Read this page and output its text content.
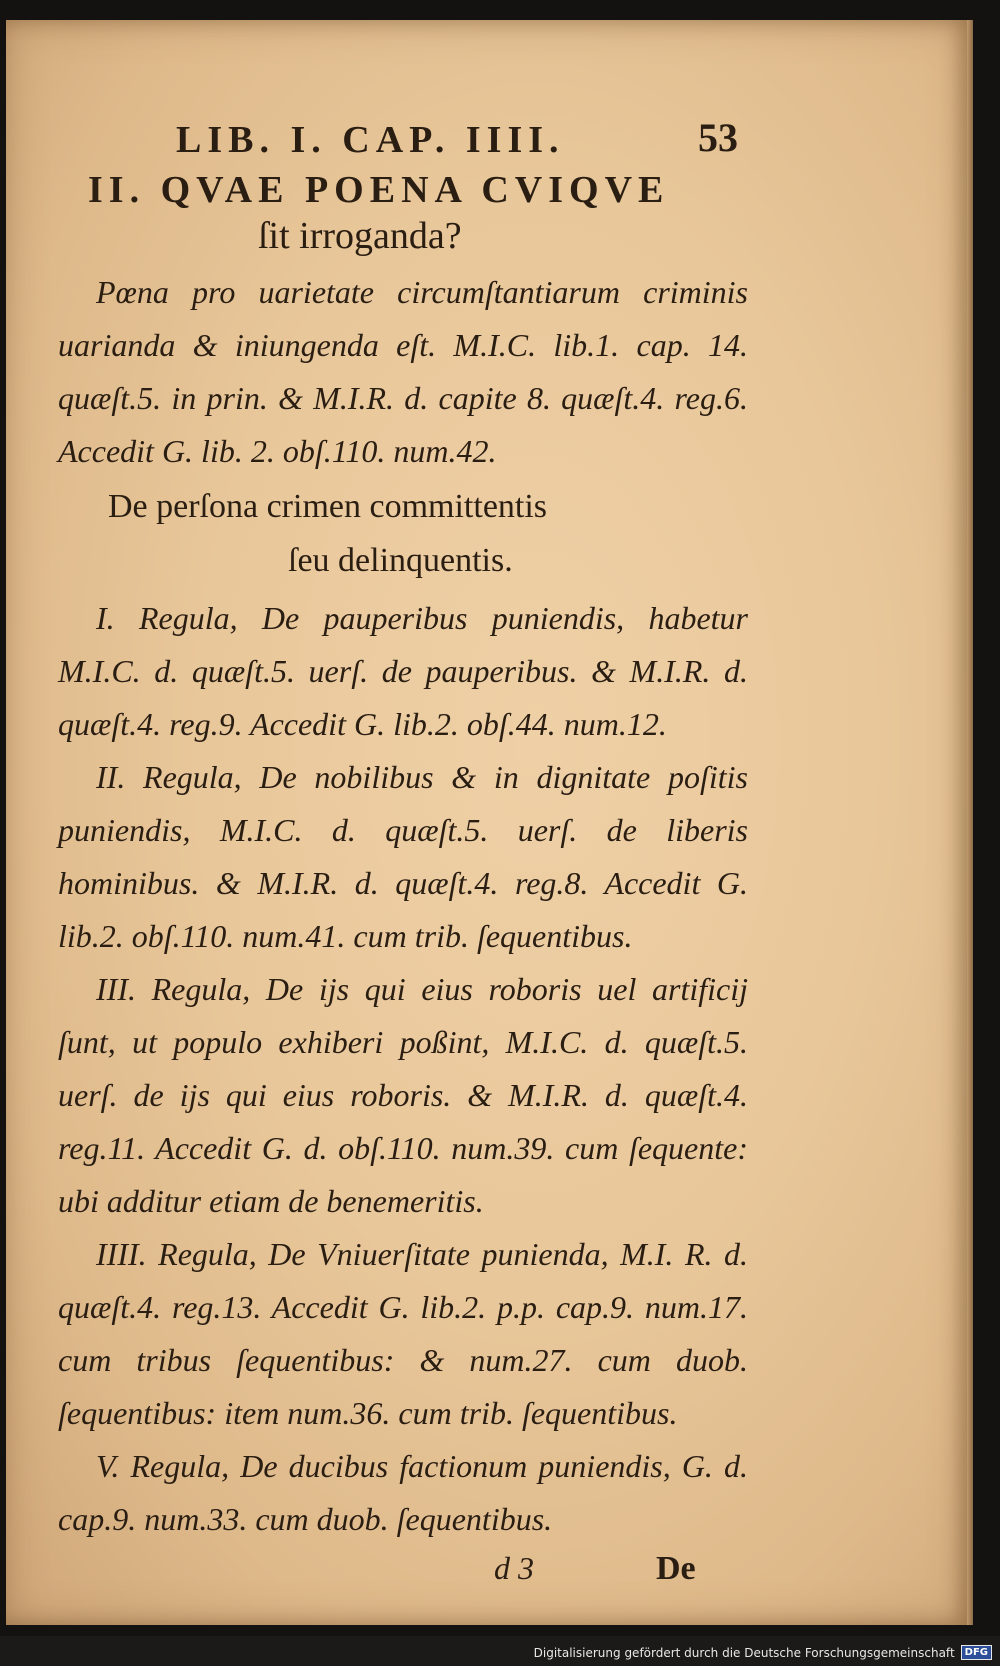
LIB. I. CAP. IIII.	53
II. QVAE POENA CVIQVE
ſit irroganda?

Pœna pro uarietate circumſtantiarum criminis uarianda & iniungenda eſt. M.I.C. lib.1. cap. 14. quæſt.5. in prin. & M.I.R. d. capite 8. quæſt.4. reg.6. Accedit G. lib. 2. obſ.110. num.42.

De perſona crimen committentis
ſeu delinquentis.

I. Regula, De pauperibus puniendis, habetur M.I.C. d. quæſt.5. uerſ. de pauperibus. & M.I.R. d. quæſt.4. reg.9. Accedit G. lib.2. obſ.44. num.12.

II. Regula, De nobilibus & in dignitate poſitis puniendis, M.I.C. d. quæſt.5. uerſ. de liberis hominibus. & M.I.R. d. quæſt.4. reg.8. Accedit G. lib.2. obſ.110. num.41. cum trib. ſequentibus.

III. Regula, De ijs qui eius roboris uel artificij ſunt, ut populo exhiberi poßint, M.I.C. d. quæſt.5. uerſ. de ijs qui eius roboris. & M.I.R. d. quæſt.4. reg.11. Accedit G. d. obſ.110. num.39. cum ſequente: ubi additur etiam de benemeritis.

IIII. Regula, De Vniuerſitate punienda, M.I. R. d. quæſt.4. reg.13. Accedit G. lib.2. p.p. cap.9. num.17. cum tribus ſequentibus: & num.27. cum duob. ſequentibus: item num.36. cum trib. ſequentibus.

V. Regula, De ducibus factionum puniendis, G. d. cap.9. num.33. cum duob. ſequentibus.

d 3	De
Digitalisierung gefördert durch die Deutsche Forschungsgemeinschaft	DFG
